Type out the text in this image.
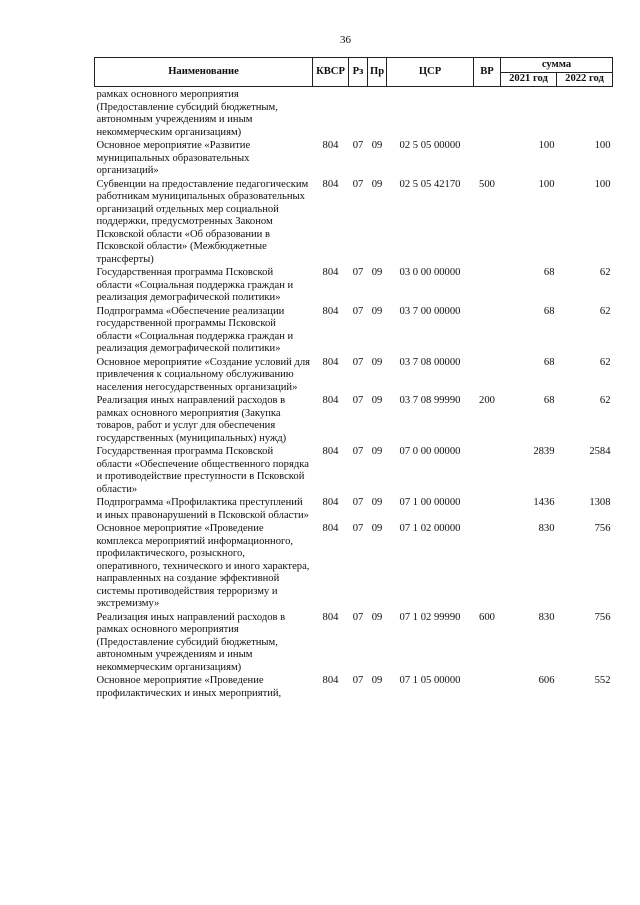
36
Наименование	КВСР	Рз	Пр	ЦСР	ВР	сумма	
						2021 год	2022 год
рамках основного мероприятия (Предоставление субсидий бюджетным, автономным учреждениям и иным некоммерческим организациям)							
Основное мероприятие «Развитие муниципальных образовательных организаций»	804	07	09	02 5 05 00000		100	100
Субвенции на предоставление педагогическим работникам муниципальных образовательных организаций отдельных мер социальной поддержки, предусмотренных Законом Псковской области «Об образовании в Псковской области» (Межбюджетные трансферты)	804	07	09	02 5 05 42170	500	100	100
Государственная программа Псковской области «Социальная поддержка граждан и реализация демографической политики»	804	07	09	03 0 00 00000		68	62
Подпрограмма «Обеспечение реализации государственной программы Псковской области «Социальная поддержка граждан и реализация демографической политики»	804	07	09	03 7 00 00000		68	62
Основное мероприятие «Создание условий для привлечения к социальному обслуживанию населения негосударственных организаций»	804	07	09	03 7 08 00000		68	62
Реализация иных направлений расходов в рамках основного мероприятия (Закупка товаров, работ и услуг для обеспечения государственных (муниципальных) нужд)	804	07	09	03 7 08 99990	200	68	62
Государственная программа Псковской области «Обеспечение общественного порядка и противодействие преступности в Псковской области»	804	07	09	07 0 00 00000		2839	2584
Подпрограмма «Профилактика преступлений и иных правонарушений в Псковской области»	804	07	09	07 1 00 00000		1436	1308
Основное мероприятие «Проведение комплекса мероприятий информационного, профилактического, розыскного, оперативного, технического и иного характера, направленных на создание эффективной системы противодействия терроризму и экстремизму»	804	07	09	07 1 02 00000		830	756
Реализация иных направлений расходов в рамках основного мероприятия (Предоставление субсидий бюджетным, автономным учреждениям и иным некоммерческим организациям)	804	07	09	07 1 02 99990	600	830	756
Основное мероприятие «Проведение профилактических и иных мероприятий,	804	07	09	07 1 05 00000		606	552
